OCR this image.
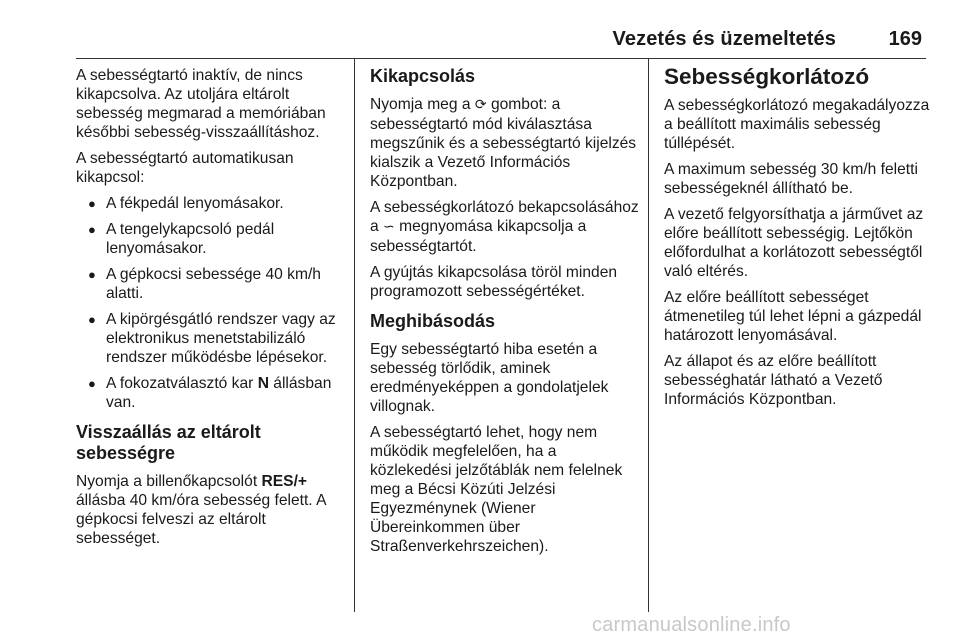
Vezetés és üzemeltetés	169

A sebességtartó inaktív, de nincs kikapcsolva. Az utoljára eltárolt sebesség megmarad a memóriában későbbi sebesség-visszaállításhoz.

A sebességtartó automatikusan kikapcsol:

● A fékpedál lenyomásakor.
● A tengelykapcsoló pedál lenyomásakor.
● A gépkocsi sebessége 40 km/h alatti.
● A kipörgésgátló rendszer vagy az elektronikus menetstabilizáló rendszer működésbe lépésekor.
● A fokozatválasztó kar N állásban van.
Visszaállás az eltárolt sebességre

Nyomja a billenőkapcsolót RES/+ állásba 40 km/óra sebesség felett. A gépkocsi felveszi az eltárolt sebességet.

Kikapcsolás

Nyomja meg a ⟳ gombot: a sebességtartó mód kiválasztása megszűnik és a sebességtartó kijelzés kialszik a Vezető Információs Központban.

A sebességkorlátozó bekapcsolásához a ∽ megnyomása kikapcsolja a sebességtartót.

A gyújtás kikapcsolása töröl minden programozott sebességértéket.

Meghibásodás

Egy sebességtartó hiba esetén a sebesség törlődik, aminek eredményeképpen a gondolatjelek villognak.

A sebességtartó lehet, hogy nem működik megfelelően, ha a közlekedési jelzőtáblák nem felelnek meg a Bécsi Közúti Jelzési Egyezménynek (Wiener Übereinkommen über Straßenverkehrszeichen).

Sebességkorlátozó

A sebességkorlátozó megakadályozza a beállított maximális sebesség túllépését.

A maximum sebesség 30 km/h feletti sebességeknél állítható be.

A vezető felgyorsíthatja a járművet az előre beállított sebességig. Lejtőkön előfordulhat a korlátozott sebességtől való eltérés.

Az előre beállított sebességet átmenetileg túl lehet lépni a gázpedál határozott lenyomásával.

Az állapot és az előre beállított sebességhatár látható a Vezető Információs Központban.

carmanualsonline.info
